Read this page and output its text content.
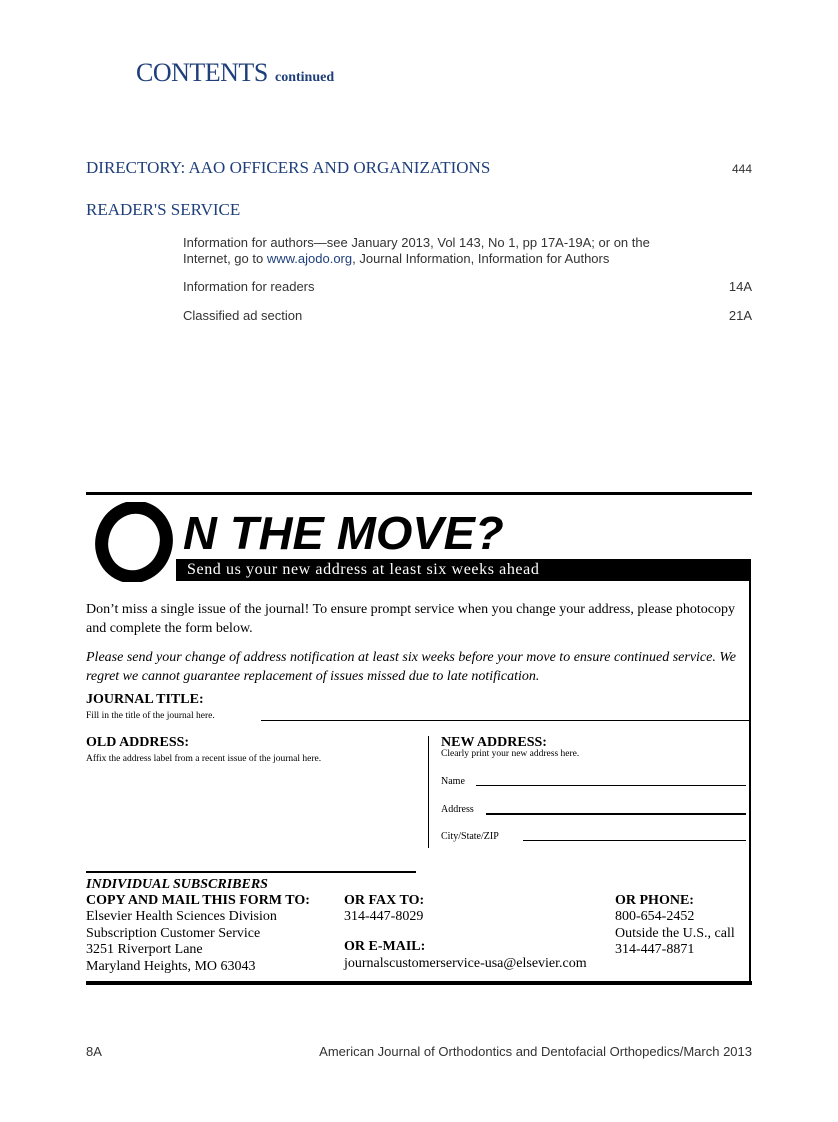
CONTENTS continued
DIRECTORY: AAO OFFICERS AND ORGANIZATIONS	444
READER'S SERVICE
Information for authors—see January 2013, Vol 143, No 1, pp 17A-19A; or on the
Internet, go to www.ajodo.org, Journal Information, Information for Authors
Information for readers	14A
Classified ad section	21A
N THE MOVE?
Send us your new address at least six weeks ahead
Don’t miss a single issue of the journal! To ensure prompt service when you change your address, please photocopy and complete the form below.
Please send your change of address notification at least six weeks before your move to ensure continued service. We regret we cannot guarantee replacement of issues missed due to late notification.
JOURNAL TITLE:
Fill in the title of the journal here.
OLD ADDRESS:
Affix the address label from a recent issue of the journal here.
NEW ADDRESS:
Clearly print your new address here.
Name
Address
City/State/ZIP
INDIVIDUAL SUBSCRIBERS
COPY AND MAIL THIS FORM TO:
Elsevier Health Sciences Division
Subscription Customer Service
3251 Riverport Lane
Maryland Heights, MO 63043
OR FAX TO:
314-447-8029
OR E-MAIL:
journalscustomerservice-usa@elsevier.com
OR PHONE:
800-654-2452
Outside the U.S., call
314-447-8871
8A	American Journal of Orthodontics and Dentofacial Orthopedics/March 2013
